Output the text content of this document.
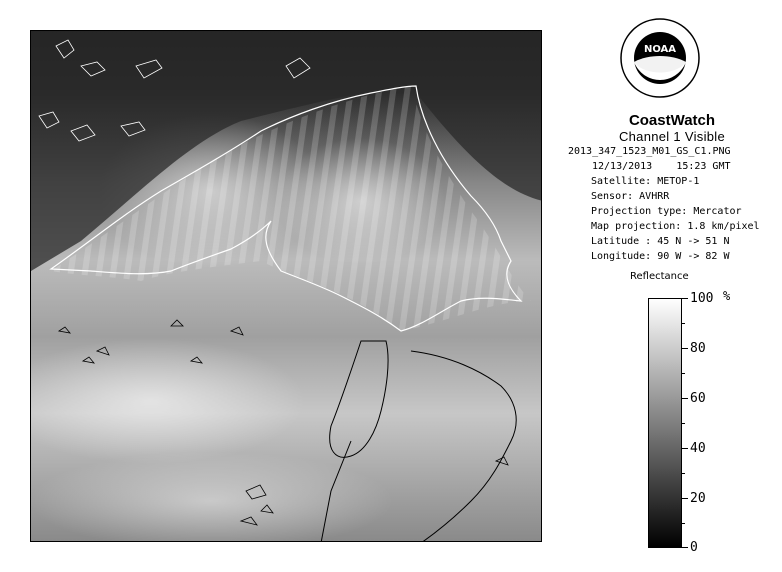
NOAA
CoastWatch
Channel 1 Visible
2013_347_1523_M01_GS_C1.PNG
12/13/2013 15:23 GMT
Satellite: METOP-1
Sensor: AVHRR
Projection type: Mercator
Map projection: 1.8 km/pixel
Latitude : 45 N -> 51 N
Longitude: 90 W -> 82 W
Reflectance
%
100
80
60
40
20
0
